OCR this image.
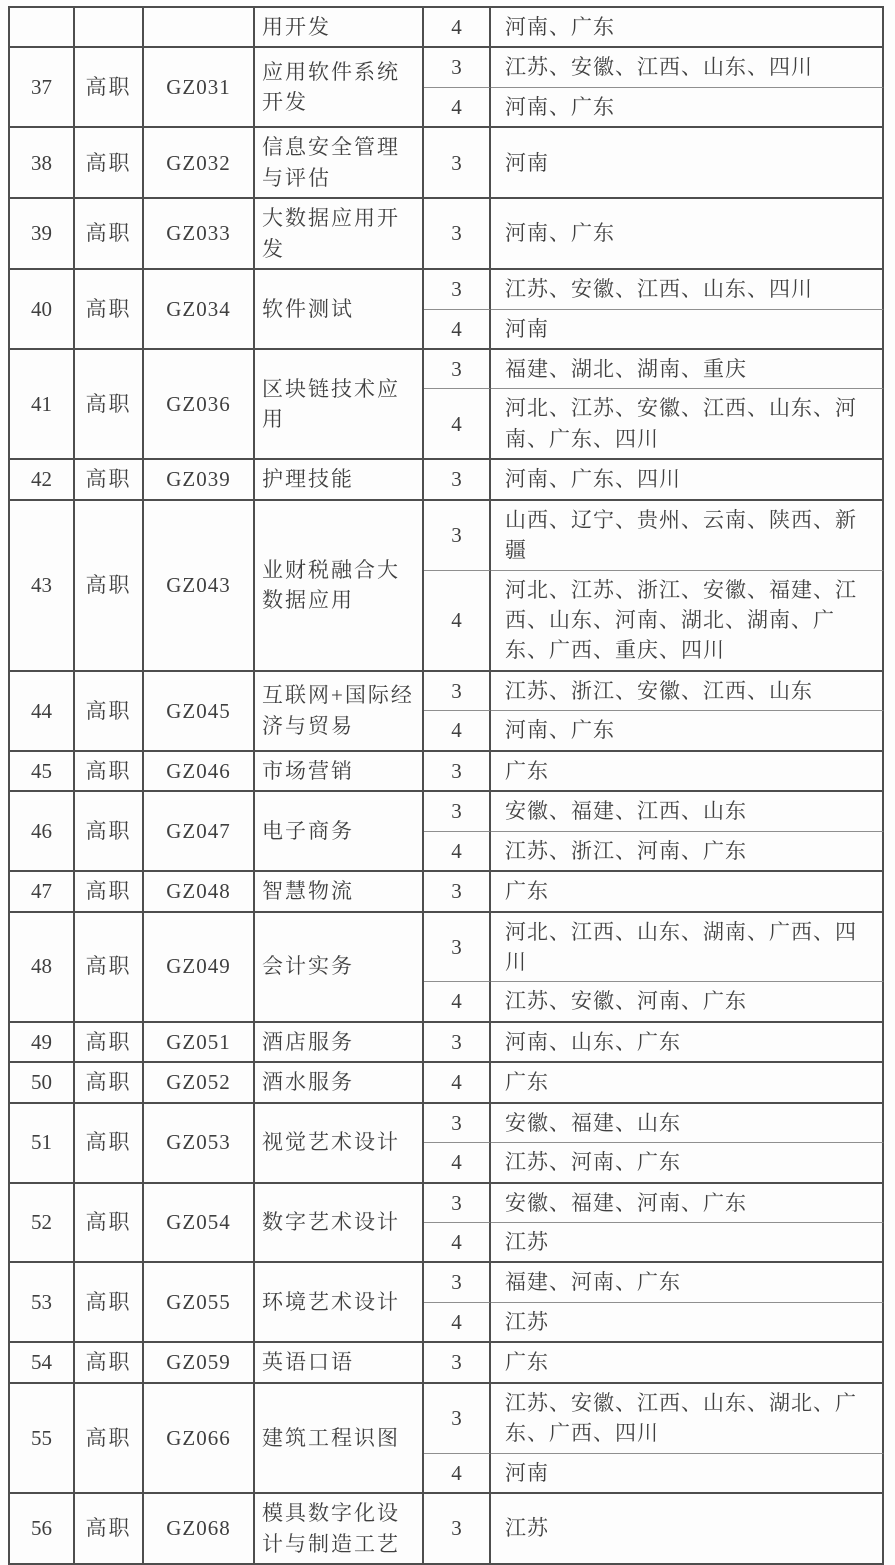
			用开发	4	河南、广东
37	高职	GZ031	应用软件系统开发	3	江苏、安徽、江西、山东、四川
				4	河南、广东
38	高职	GZ032	信息安全管理与评估	3	河南
39	高职	GZ033	大数据应用开发	3	河南、广东
40	高职	GZ034	软件测试	3	江苏、安徽、江西、山东、四川
				4	河南
41	高职	GZ036	区块链技术应用	3	福建、湖北、湖南、重庆
				4	河北、江苏、安徽、江西、山东、河南、广东、四川
42	高职	GZ039	护理技能	3	河南、广东、四川
43	高职	GZ043	业财税融合大数据应用	3	山西、辽宁、贵州、云南、陕西、新疆
				4	河北、江苏、浙江、安徽、福建、江西、山东、河南、湖北、湖南、广东、广西、重庆、四川
44	高职	GZ045	互联网+国际经济与贸易	3	江苏、浙江、安徽、江西、山东
				4	河南、广东
45	高职	GZ046	市场营销	3	广东
46	高职	GZ047	电子商务	3	安徽、福建、江西、山东
				4	江苏、浙江、河南、广东
47	高职	GZ048	智慧物流	3	广东
48	高职	GZ049	会计实务	3	河北、江西、山东、湖南、广西、四川
				4	江苏、安徽、河南、广东
49	高职	GZ051	酒店服务	3	河南、山东、广东
50	高职	GZ052	酒水服务	4	广东
51	高职	GZ053	视觉艺术设计	3	安徽、福建、山东
				4	江苏、河南、广东
52	高职	GZ054	数字艺术设计	3	安徽、福建、河南、广东
				4	江苏
53	高职	GZ055	环境艺术设计	3	福建、河南、广东
				4	江苏
54	高职	GZ059	英语口语	3	广东
55	高职	GZ066	建筑工程识图	3	江苏、安徽、江西、山东、湖北、广东、广西、四川
				4	河南
56	高职	GZ068	模具数字化设计与制造工艺	3	江苏
